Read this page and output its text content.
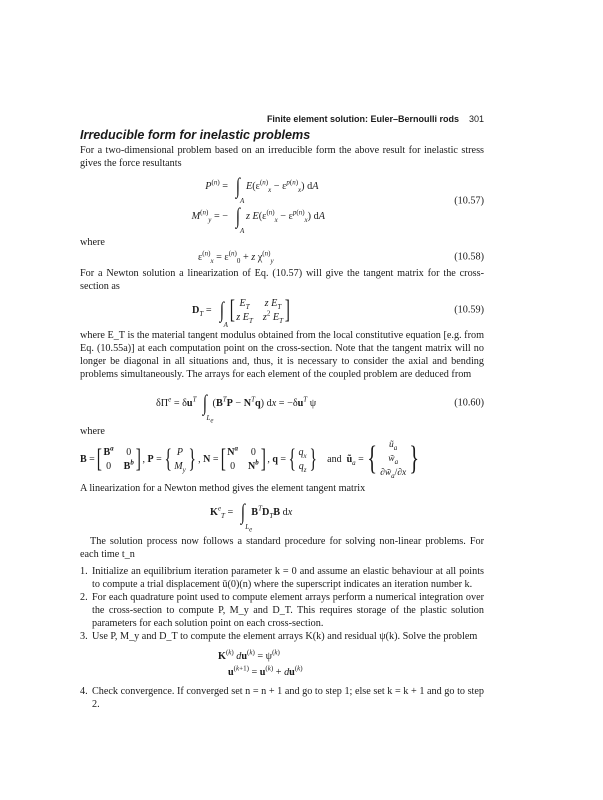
Finite element solution: Euler–Bernoulli rods 301
Irreducible form for inelastic problems

For a two-dimensional problem based on an irreducible form the above result for inelastic stress gives the force resultants

$P^{(n)}$ = ∫
A
$E(\varepsilon^{(n)}_x - \varepsilon^{p(n)}_x)$ dA
$M^{(n)}_y$ = − ∫
A
z $E(\varepsilon^{(n)}_x - \varepsilon^{p(n)}_x)$ dA
(10.57)

where

$\varepsilon^{(n)}_x = \varepsilon^{(n)}_0 + z$ $\chi^{(n)}_y$	(10.58)

For a Newton solution a linearization of Eq. (10.57) will give the tangent matrix for the cross-section as

$D_T$ = ∫
A
[ $E_T$	z $E_T$
z $E_T$ $z^2$ $E_T$ ]	(10.59)

where E_T is the material tangent modulus obtained from the local constitutive equation [e.g. from Eq. (10.55a)] at each computation point on the cross-section. Note that the tangent matrix will no longer be diagonal in all situations and, thus, it is necessary to consider the axial and bending problems simultaneously. The arrays for each element of the coupled problem are deduced from

$\delta\Pi^e = \delta u^T$ ∫
$L_e$
$(B^TP - N^Tq)$ dx = $-\delta u^T$ ψ	(10.60)

where

B = [ $B^a$ 0
0 $B^b$ ] , P = { P
$M_y$ } , N = [ $N^a$ 0
0 $N^b$ ] , q = { $q_x$
$q_z$ } and  $ũ_a$ = {	$ũ_a$
$w̃_a$
$\partial w̃_a/\partial x$ }

A linearization for a Newton method gives the element tangent matrix

$K^e_T$ = ∫
$L_e$
$B^TD_TB$ dx

The solution process now follows a standard procedure for solving non-linear problems. For each time t_n

1. Initialize an equilibrium iteration parameter k = 0 and assume an elastic behaviour at all points to compute a trial displacement ū(0)(n) where the superscript indicates an iteration number k.
2. For each quadrature point used to compute element arrays perform a numerical integration over the cross-section to compute P, M_y and D_T. This requires storage of the plastic solution parameters for each solution point on each cross-section.
3. Use P, M_y and D_T to compute the element arrays K(k) and residual ψ(k). Solve the problem
$K^{(k)}$ $du^{(k)} = \psi^{(k)}$
$u^{(k+1)} = u^{(k)} + du^{(k)}$
4. Check convergence. If converged set n = n + 1 and go to step 1; else set k = k + 1 and go to step 2.
